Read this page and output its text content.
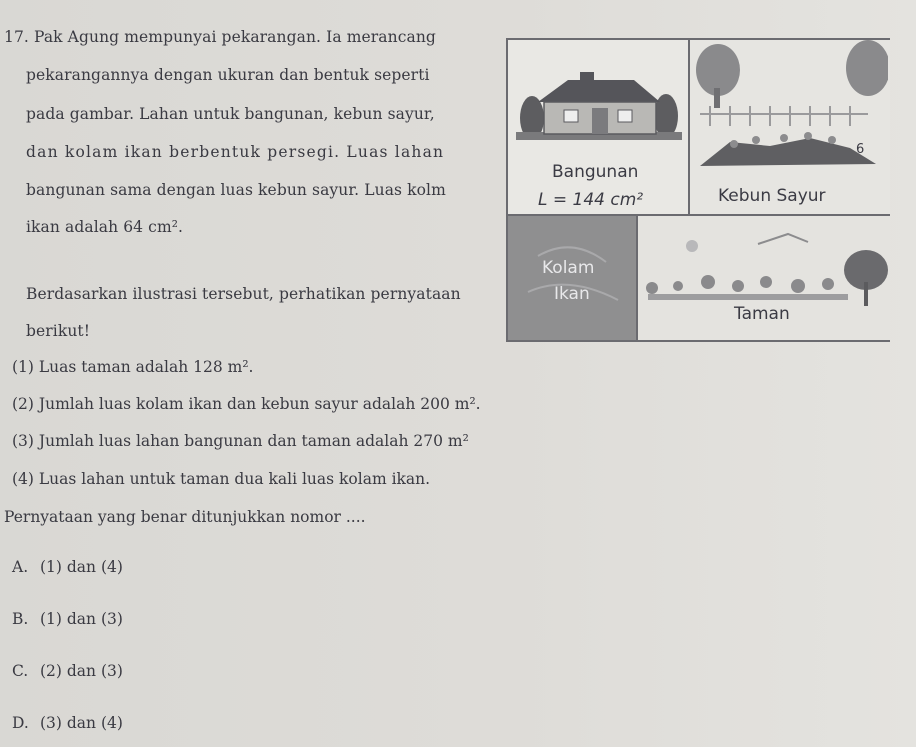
17. Pak Agung mempunyai pekarangan. Ia merancang
pekarangannya dengan ukuran dan bentuk seperti
pada gambar. Lahan untuk bangunan, kebun sayur,
dan kolam ikan berbentuk persegi. Luas lahan
bangunan sama dengan luas kebun sayur. Luas kolm
ikan adalah 64 cm².
Berdasarkan ilustrasi tersebut, perhatikan pernyataan
berikut!
(1) Luas taman adalah 128 m².
(2) Jumlah luas kolam ikan dan kebun sayur adalah 200 m².
(3) Jumlah luas lahan bangunan dan taman adalah 270 m²
(4) Luas lahan untuk taman dua kali luas kolam ikan.
Pernyataan yang benar ditunjukkan nomor ....
A. (1) dan (4)
B. (1) dan (3)
C. (2) dan (3)
D. (3) dan (4)
Bangunan
L = 144 cm²
6
Kebun Sayur
Kolam
Ikan
Taman
